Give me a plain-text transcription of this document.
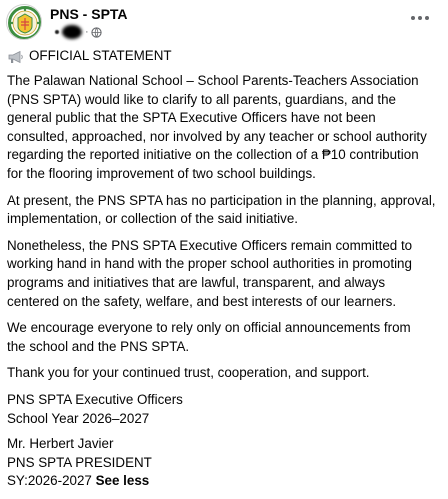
PNS - SPTA
·
OFFICIAL STATEMENT
The Palawan National School – School Parents-Teachers Association
(PNS SPTA) would like to clarify to all parents, guardians, and the
general public that the SPTA Executive Officers have not been
consulted, approached, nor involved by any teacher or school authority
regarding the reported initiative on the collection of a ₱10 contribution
for the flooring improvement of two school buildings.
At present, the PNS SPTA has no participation in the planning, approval,
implementation, or collection of the said initiative.
Nonetheless, the PNS SPTA Executive Officers remain committed to
working hand in hand with the proper school authorities in promoting
programs and initiatives that are lawful, transparent, and always
centered on the safety, welfare, and best interests of our learners.
We encourage everyone to rely only on official announcements from
the school and the PNS SPTA.
Thank you for your continued trust, cooperation, and support.
PNS SPTA Executive Officers
School Year 2026–2027
Mr. Herbert Javier
PNS SPTA PRESIDENT
SY:2026-2027 See less
